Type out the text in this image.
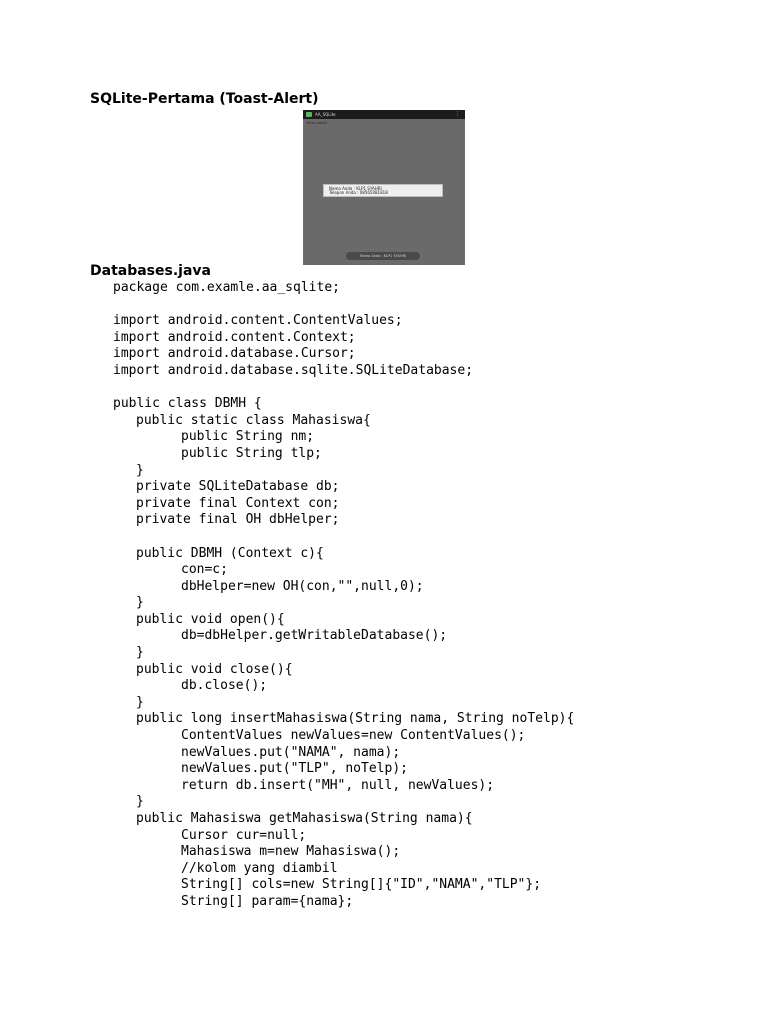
SQLite-Pertama (Toast-Alert)
AA_SQLite	⋮
Hello world!
Nama Anda : KLP1 SYAHRI
Telepon Anda : 08565081818
Nama Anda : KLP1 SYAHRI
Databases.java
package com.examle.aa_sqlite;
import android.content.ContentValues;
import android.content.Context;
import android.database.Cursor;
import android.database.sqlite.SQLiteDatabase;
public class DBMH {
public static class Mahasiswa{
public String nm;
public String tlp;
}
private SQLiteDatabase db;
private final Context con;
private final OH dbHelper;
public DBMH (Context c){
con=c;
dbHelper=new OH(con,"",null,0);
}
public void open(){
db=dbHelper.getWritableDatabase();
}
public void close(){
db.close();
}
public long insertMahasiswa(String nama, String noTelp){
ContentValues newValues=new ContentValues();
newValues.put("NAMA", nama);
newValues.put("TLP", noTelp);
return db.insert("MH", null, newValues);
}
public Mahasiswa getMahasiswa(String nama){
Cursor cur=null;
Mahasiswa m=new Mahasiswa();
//kolom yang diambil
String[] cols=new String[]{"ID","NAMA","TLP"};
String[] param={nama};
